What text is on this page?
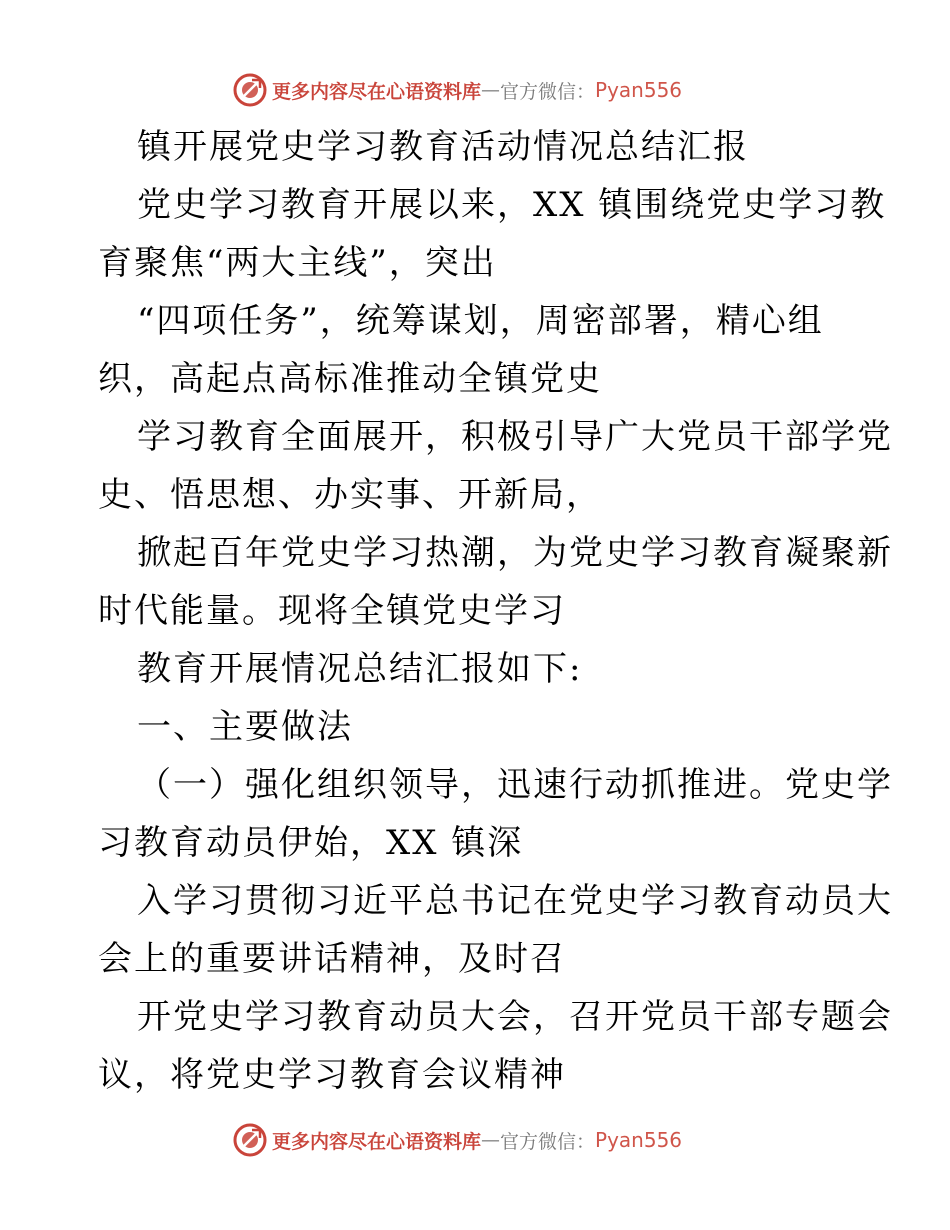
更多内容尽在心语资料库 — 官方微信： Pyan556
镇开展党史学习教育活动情况总结汇报
党史学习教育开展以来，XX 镇围绕党史学习教
育聚焦“两大主线”，突出
“四项任务”，统筹谋划，周密部署，精心组
织，高起点高标准推动全镇党史
学习教育全面展开，积极引导广大党员干部学党
史、悟思想、办实事、开新局，
掀起百年党史学习热潮，为党史学习教育凝聚新
时代能量。现将全镇党史学习
教育开展情况总结汇报如下:
一、主要做法
（一）强化组织领导，迅速行动抓推进。党史学
习教育动员伊始，XX 镇深
入学习贯彻习近平总书记在党史学习教育动员大
会上的重要讲话精神，及时召
开党史学习教育动员大会，召开党员干部专题会
议，将党史学习教育会议精神
更多内容尽在心语资料库 — 官方微信： Pyan556
